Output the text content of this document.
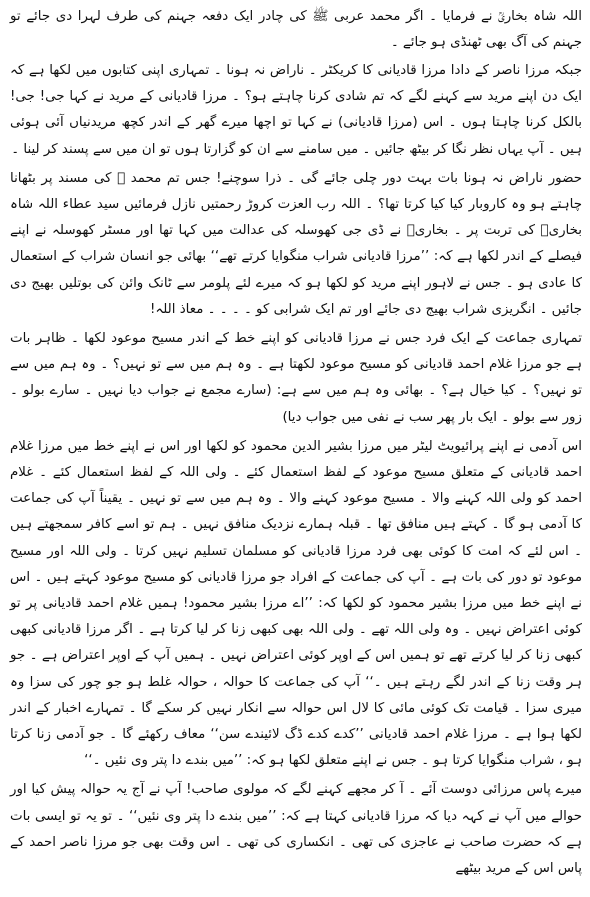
اللہ شاہ بخاریؒ نے فرمایا ۔ اگر محمد عربی ﷺ کی چادر ایک دفعہ جہنم کی طرف لہرا دی جائے تو جہنم کی آگ بھی ٹھنڈی ہو جائے ۔

جبکہ مرزا ناصر کے دادا مرزا قادیانی کا کریکٹر ۔ ناراض نہ ہونا ۔ تمہاری اپنی کتابوں میں لکھا ہے کہ ایک دن اپنے مرید سے کہنے لگے کہ تم شادی کرنا چاہتے ہو؟ ۔ مرزا قادیانی کے مرید نے کہا جی! جی! بالکل کرنا چاہتا ہوں ۔ اس (مرزا قادیانی) نے کہا تو اچھا میرے گھر کے اندر کچھ مریدنیاں آئی ہوئی ہیں ۔ آپ یہاں نظر نگا کر بیٹھ جائیں ۔ میں سامنے سے ان کو گزارتا ہوں تو ان میں سے پسند کر لینا ۔

حضور ناراض نہ ہونا بات بہت دور چلی جائے گی ۔ ذرا سوچنے! جس تم محمد ﷺ کی مسند پر بٹھانا چاہتے ہو وہ کاروبار کیا کیا کرتا تھا؟ ۔ اللہ رب العزت کروڑ رحمتیں نازل فرمائیں سید عطاء اللہ شاہ بخاریؒ کی تربت پر ۔ بخاریؒ نے ڈی جی کھوسلہ کی عدالت میں کہا تھا اور مسٹر کھوسلہ نے اپنے فیصلے کے اندر لکھا ہے کہ: ’’مرزا قادیانی شراب منگوایا کرتے تھے‘‘ بھائی جو انسان شراب کے استعمال کا عادی ہو ۔ جس نے لاہور اپنے مرید کو لکھا ہو کہ میرے لئے پلومر سے ٹانک وائن کی بوتلیں بھیج دی جائیں ۔ انگریزی شراب بھیج دی جائے اور تم ایک شرابی کو ۔ ۔ ۔ ۔ معاذ اللہ!

تمہاری جماعت کے ایک فرد جس نے مرزا قادیانی کو اپنے خط کے اندر مسیح موعود لکھا ۔ ظاہر بات ہے جو مرزا غلام احمد قادیانی کو مسیح موعود لکھتا ہے ۔ وہ ہم میں سے تو نہیں؟ ۔ وہ ہم میں سے تو نہیں؟ ۔ کیا خیال ہے؟ ۔ بھائی وہ ہم میں سے ہے: (سارے مجمع نے جواب دیا نہیں ۔ سارے بولو ۔ زور سے بولو ۔ ایک بار پھر سب نے نفی میں جواب دیا)

اس آدمی نے اپنے پرائیویٹ لیٹر میں مرزا بشیر الدین محمود کو لکھا اور اس نے اپنے خط میں مرزا غلام احمد قادیانی کے متعلق مسیح موعود کے لفظ استعمال کئے ۔ ولی اللہ کے لفظ استعمال کئے ۔ غلام احمد کو ولی اللہ کہنے والا ۔ مسیح موعود کہنے والا ۔ وہ ہم میں سے تو نہیں ۔ یقیناً آپ کی جماعت کا آدمی ہو گا ۔ کہتے ہیں منافق تھا ۔ قبلہ ہمارے نزدیک منافق نہیں ۔ ہم تو اسے کافر سمجھتے ہیں ۔ اس لئے کہ امت کا کوئی بھی فرد مرزا قادیانی کو مسلمان تسلیم نہیں کرتا ۔ ولی اللہ اور مسیح موعود تو دور کی بات ہے ۔ آپ کی جماعت کے افراد جو مرزا قادیانی کو مسیح موعود کہتے ہیں ۔ اس نے اپنے خط میں مرزا بشیر محمود کو لکھا کہ: ’’اے مرزا بشیر محمود! ہمیں غلام احمد قادیانی پر تو کوئی اعتراض نہیں ۔ وہ ولی اللہ تھے ۔ ولی اللہ بھی کبھی زنا کر لیا کرتا ہے ۔ اگر مرزا قادیانی کبھی کبھی زنا کر لیا کرتے تھے تو ہمیں اس کے اوپر کوئی اعتراض نہیں ۔ ہمیں آپ کے اوپر اعتراض ہے ۔ جو ہر وقت زنا کے اندر لگے رہتے ہیں ۔‘‘ آپ کی جماعت کا حوالہ ، حوالہ غلط ہو جو چور کی سزا وہ میری سزا ۔ قیامت تک کوئی مائی کا لال اس حوالہ سے انکار نہیں کر سکے گا ۔ تمہارے اخبار کے اندر لکھا ہوا ہے ۔ مرزا غلام احمد قادیانی ’’کدے کدے ڈگ لائیندے سن‘‘ معاف رکھئے گا ۔ جو آدمی زنا کرتا ہو ، شراب منگوایا کرتا ہو ۔ جس نے اپنے متعلق لکھا ہو کہ: ’’میں بندے دا پتر وی نئیں ۔‘‘

میرے پاس مرزائی دوست آئے ۔ آ کر مجھے کہنے لگے کہ مولوی صاحب! آپ نے آج یہ حوالہ پیش کیا اور حوالے میں آپ نے کہہ دیا کہ مرزا قادیانی کہتا ہے کہ: ’’میں بندے دا پتر وی نئیں‘‘ ۔ تو یہ تو ایسی بات ہے کہ حضرت صاحب نے عاجزی کی تھی ۔ انکساری کی تھی ۔ اس وقت بھی جو مرزا ناصر احمد کے پاس اس کے مرید بیٹھے
